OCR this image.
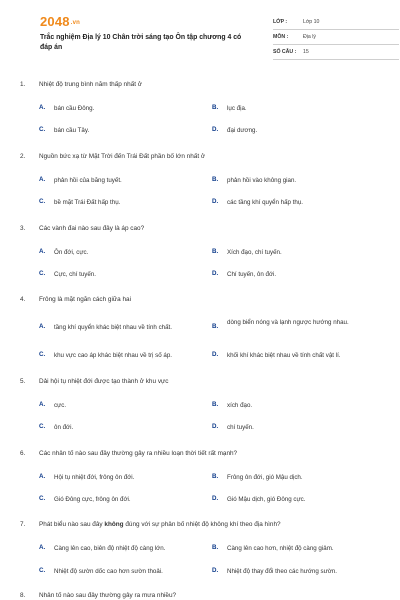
2048.vn
Trắc nghiệm Địa lý 10 Chân trời sáng tạo Ôn tập chương 4 có đáp án
LỚP :	Lớp 10
MÔN :	Địa lý
SỐ CÂU : 15
1. Nhiệt độ trung bình năm thấp nhất ở
A. bán cầu Đông.	B. lục địa.
C. bán cầu Tây.	D. đại dương.
2. Nguồn bức xạ từ Mặt Trời đến Trái Đất phần bố lớn nhất ở
A. phản hồi của băng tuyết.	B. phản hồi vào không gian.
C. bề mặt Trái Đất hấp thụ.	D. các tầng khí quyển hấp thụ.
3. Các vành đai nào sau đây là áp cao?
A. Ôn đới, cực.	B. Xích đạo, chí tuyến.
C. Cực, chí tuyến.	D. Chí tuyến, ôn đới.
4. Frông là mặt ngăn cách giữa hai
A. tầng khí quyển khác biệt nhau về tính chất.	B.
dòng biển nóng và lạnh ngược hướng nhau.
C. khu vực cao áp khác biệt nhau về trị số áp.	D. khối khí khác biệt nhau về tính chất vật lí.
5. Dải hội tụ nhiệt đới được tạo thành ở khu vực
A. cực.	B. xích đạo.
C. ôn đới.	D. chí tuyến.
6. Các nhân tố nào sau đây thường gây ra nhiều loạn thời tiết rất mạnh?
A. Hội tụ nhiệt đới, frông ôn đới.	B. Frông ôn đới, gió Mậu dịch.
C. Gió Đông cực, frông ôn đới.	D. Gió Mậu dịch, gió Đông cực.
7. Phát biểu nào sau đây không đúng với sự phân bố nhiệt độ không khí theo địa hình?
A. Càng lên cao, biên độ nhiệt độ càng lớn.	B. Càng lên cao hơn, nhiệt độ càng giảm.
C. Nhiệt độ sườn dốc cao hơn sườn thoải.	D. Nhiệt độ thay đổi theo các hướng sườn.
8. Nhân tố nào sau đây thường gây ra mưa nhiều?
